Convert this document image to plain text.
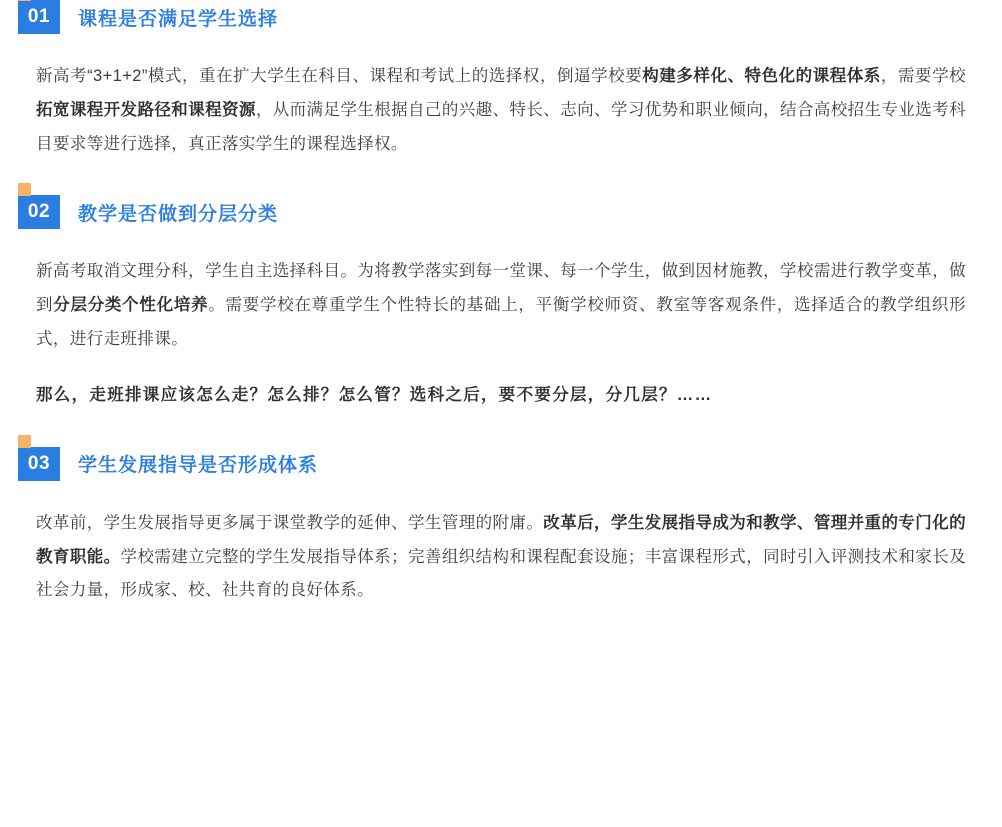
01	课程是否满足学生选择

新高考“3+1+2”模式，重在扩大学生在科目、课程和考试上的选择权，倒逼学校要构建多样化、特色化的课程体系，需要学校拓宽课程开发路径和课程资源，从而满足学生根据自己的兴趣、特长、志向、学习优势和职业倾向，结合高校招生专业选考科目要求等进行选择，真正落实学生的课程选择权。

02	教学是否做到分层分类

新高考取消文理分科，学生自主选择科目。为将教学落实到每一堂课、每一个学生，做到因材施教，学校需进行教学变革，做到分层分类个性化培养。需要学校在尊重学生个性特长的基础上，平衡学校师资、教室等客观条件，选择适合的教学组织形式，进行走班排课。

那么，走班排课应该怎么走？怎么排？怎么管？选科之后，要不要分层，分几层？……

03	学生发展指导是否形成体系

改革前，学生发展指导更多属于课堂教学的延伸、学生管理的附庸。改革后，学生发展指导成为和教学、管理并重的专门化的教育职能。学校需建立完整的学生发展指导体系；完善组织结构和课程配套设施；丰富课程形式，同时引入评测技术和家长及社会力量，形成家、校、社共育的良好体系。
